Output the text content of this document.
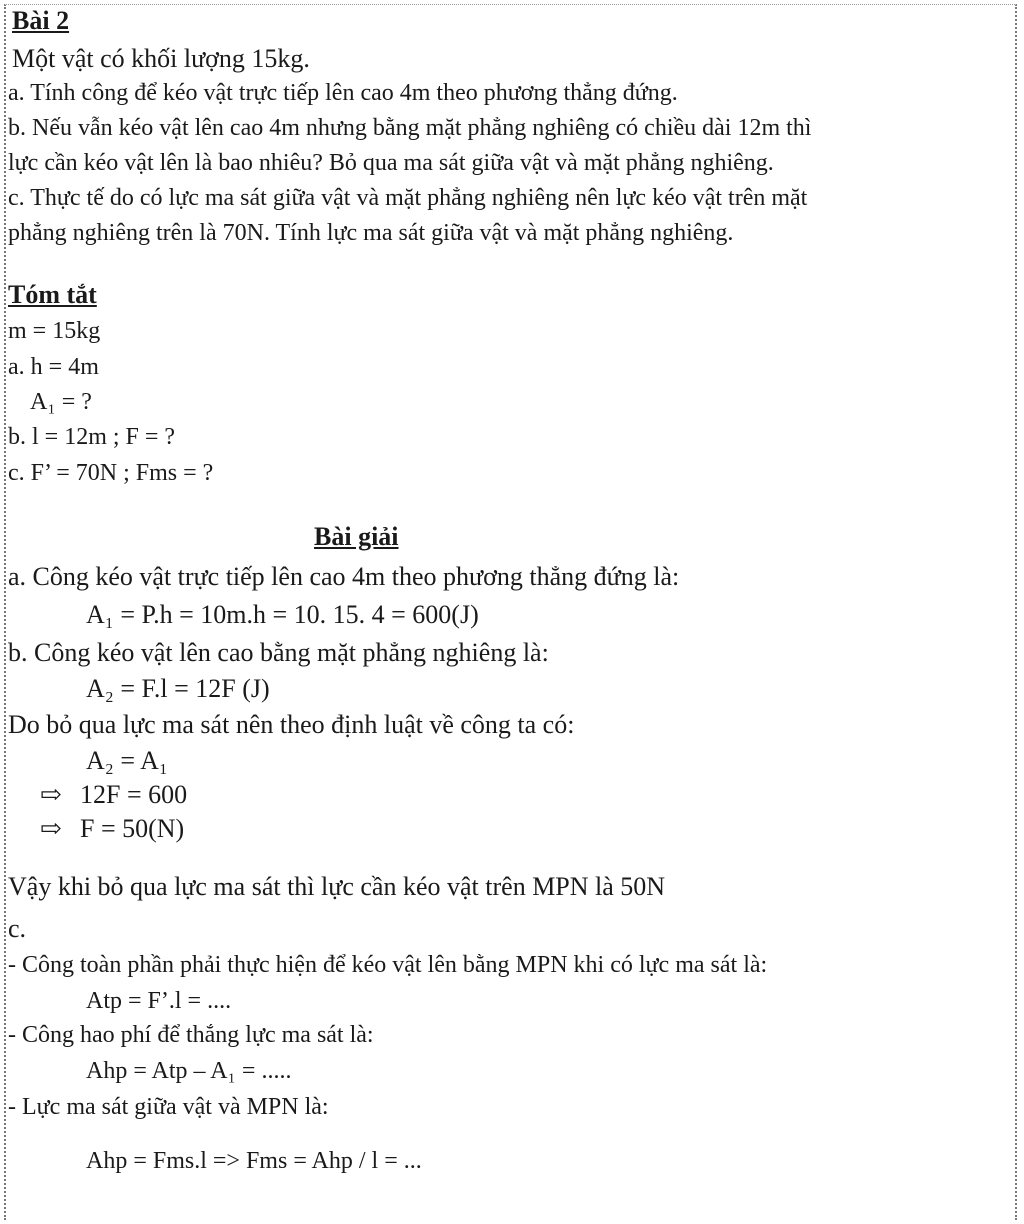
Bài 2
Một vật có khối lượng 15kg.
a. Tính công để kéo vật trực tiếp lên cao 4m theo phương thẳng đứng.
b. Nếu vẫn kéo vật lên cao 4m nhưng bằng mặt phẳng nghiêng có chiều dài 12m thì
lực cần kéo vật lên là bao nhiêu? Bỏ qua ma sát giữa vật và mặt phẳng nghiêng.
c. Thực tế do có lực ma sát giữa vật và mặt phẳng nghiêng nên lực kéo vật trên mặt
phẳng nghiêng trên là 70N. Tính lực ma sát giữa vật và mặt phẳng nghiêng.
Tóm tắt
m = 15kg
a. h = 4m
A₁ = ?
b. l = 12m ; F = ?
c. F’ = 70N ; Fms = ?
Bài giải
a. Công kéo vật trực tiếp lên cao 4m theo phương thẳng đứng là:
A₁ = P.h = 10m.h = 10. 15. 4 = 600(J)
b. Công kéo vật lên cao bằng mặt phẳng nghiêng là:
A₂ = F.l = 12F (J)
Do bỏ qua lực ma sát nên theo định luật về công ta có:
A₂ = A₁
⇨ 12F = 600
⇨ F = 50(N)
Vậy khi bỏ qua lực ma sát thì lực cần kéo vật trên MPN là 50N
c.
- Công toàn phần phải thực hiện để kéo vật lên bằng MPN khi có lực ma sát là:
Atp = F’.l = ....
- Công hao phí để thắng lực ma sát là:
Ahp = Atp – A₁ = .....
- Lực ma sát giữa vật và MPN là:
Ahp = Fms.l => Fms = Ahp / l = ...
